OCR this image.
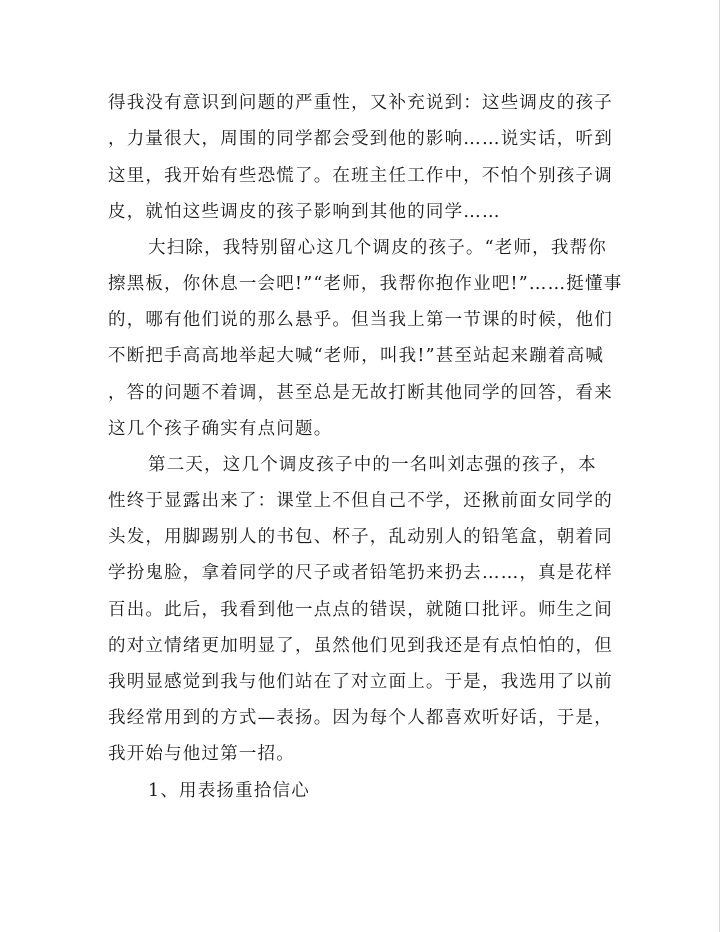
得我没有意识到问题的严重性，又补充说到：这些调皮的孩子
，力量很大，周围的同学都会受到他的影响……说实话，听到
这里，我开始有些恐慌了。在班主任工作中，不怕个别孩子调
皮，就怕这些调皮的孩子影响到其他的同学……
大扫除，我特别留心这几个调皮的孩子。“老师，我帮你
擦黑板，你休息一会吧!”“老师，我帮你抱作业吧!”……挺懂事
的，哪有他们说的那么悬乎。但当我上第一节课的时候，他们
不断把手高高地举起大喊“老师，叫我!”甚至站起来蹦着高喊
，答的问题不着调，甚至总是无故打断其他同学的回答，看来
这几个孩子确实有点问题。
第二天，这几个调皮孩子中的一名叫刘志强的孩子，本
性终于显露出来了：课堂上不但自己不学，还揪前面女同学的
头发，用脚踢别人的书包、杯子，乱动别人的铅笔盒，朝着同
学扮鬼脸，拿着同学的尺子或者铅笔扔来扔去……，真是花样
百出。此后，我看到他一点点的错误，就随口批评。师生之间
的对立情绪更加明显了，虽然他们见到我还是有点怕怕的，但
我明显感觉到我与他们站在了对立面上。于是，我选用了以前
我经常用到的方式—表扬。因为每个人都喜欢听好话，于是，
我开始与他过第一招。
1、用表扬重拾信心
